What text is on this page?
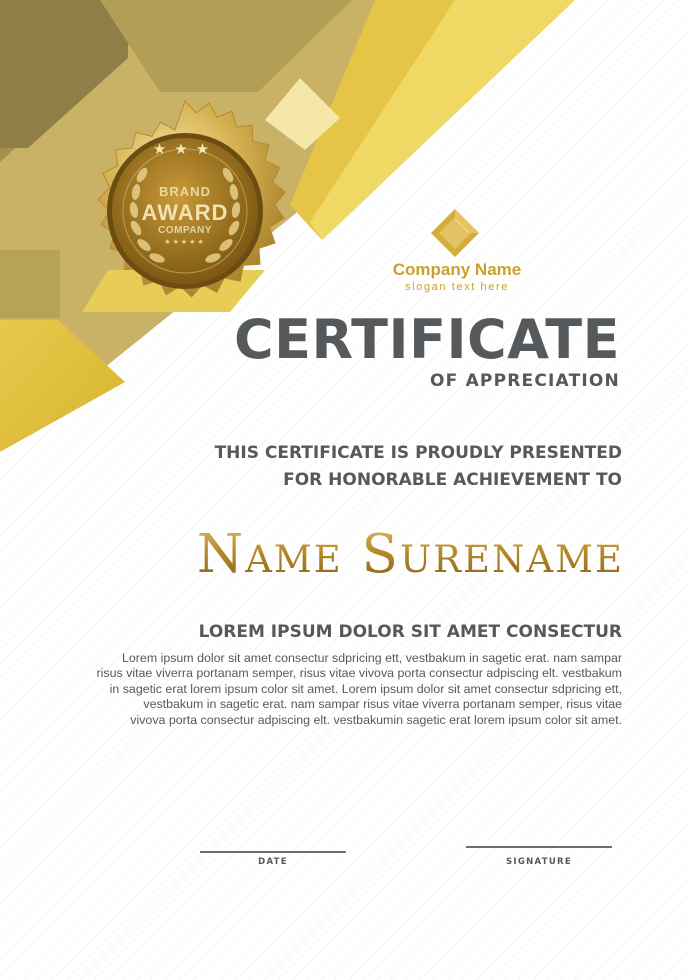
★★★
BRAND
AWARD
COMPANY
★★★★★
Company Name
slogan text here
CERTIFICATE
OF APPRECIATION
THIS CERTIFICATE IS PROUDLY PRESENTED
FOR HONORABLE ACHIEVEMENT TO
Name Surename
LOREM IPSUM DOLOR SIT AMET CONSECTUR
Lorem ipsum dolor sit amet consectur sdpricing ett, vestbakum in sagetic erat. nam sampar
risus vitae viverra portanam semper, risus vitae vivova porta consectur adpiscing elt. vestbakum
in sagetic erat lorem ipsum color sit amet. Lorem ipsum dolor sit amet consectur sdpricing ett,
vestbakum in sagetic erat. nam sampar risus vitae viverra portanam semper, risus vitae
vivova porta consectur adpiscing elt. vestbakumin sagetic erat lorem ipsum color sit amet.
DATE	SIGNATURE
